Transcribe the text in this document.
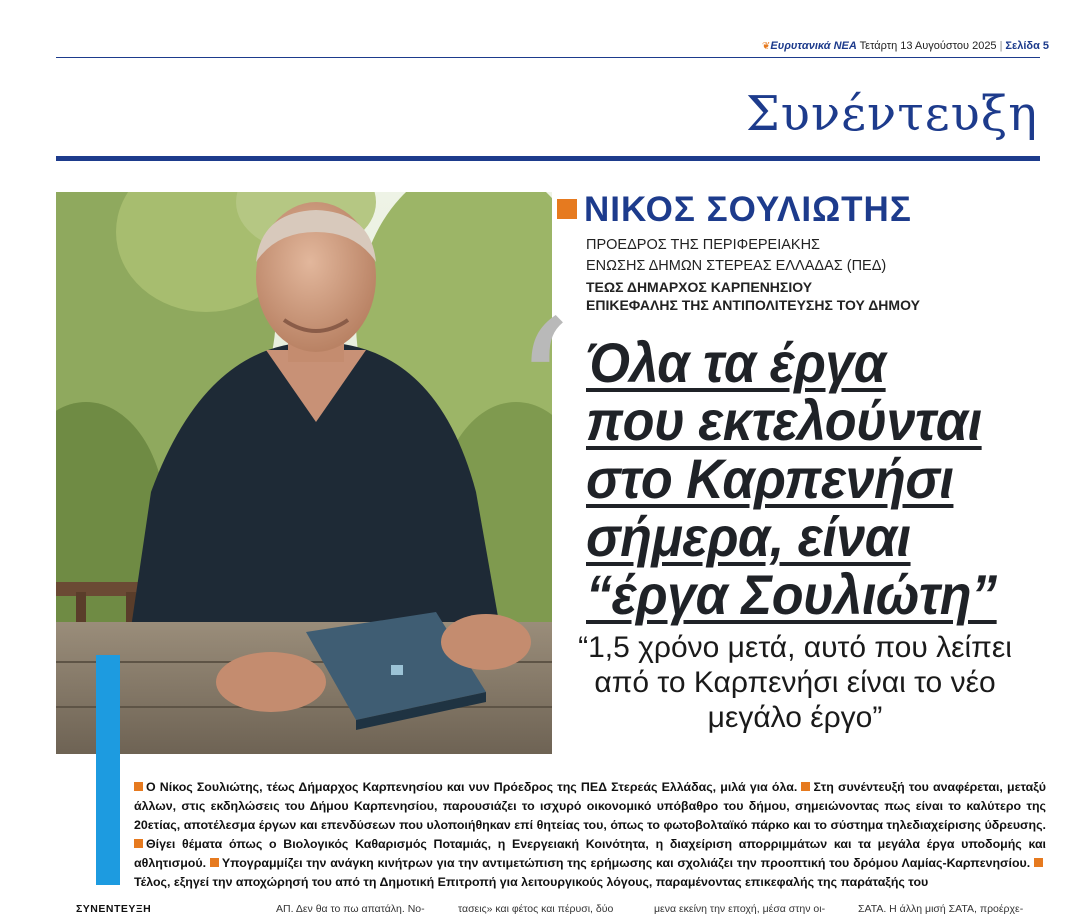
❦Ευρυτανικά ΝΕΑ Τετάρτη 13 Αυγούστου 2025 | Σελίδα 5
Συνέντευξη
ΝΙΚΟΣ ΣΟΥΛΙΩΤΗΣ
ΠΡΟΕΔΡΟΣ ΤΗΣ ΠΕΡΙΦΕΡΕΙΑΚΗΣ
ΕΝΩΣΗΣ ΔΗΜΩΝ ΣΤΕΡΕΑΣ ΕΛΛΑΔΑΣ (ΠΕΔ)
ΤΕΩΣ ΔΗΜΑΡΧΟΣ ΚΑΡΠΕΝΗΣΙΟΥ
ΕΠΙΚΕΦΑΛΗΣ ΤΗΣ ΑΝΤΙΠΟΛΙΤΕΥΣΗΣ ΤΟΥ ΔΗΜΟΥ
‘ Όλα τα έργα
που εκτελούνται
στο Καρπενήσι
σήμερα, είναι
“έργα Σουλιώτη”
“1,5 χρόνο μετά, αυτό που λείπει από το Καρπενήσι είναι το νέο μεγάλο έργο”
Ο Νίκος Σουλιώτης, τέως Δήμαρχος Καρπενησίου και νυν Πρόεδρος της ΠΕΔ Στερεάς Ελλάδας, μιλά για όλα. Στη συνέντευξή του αναφέρεται, μεταξύ άλλων, στις εκδηλώσεις του Δήμου Καρπενησίου, παρουσιάζει το ισχυρό οικονομικό υπόβαθρο του δήμου, σημειώνοντας πως είναι το καλύτερο της 20ετίας, αποτέλεσμα έργων και επενδύσεων που υλοποιήθηκαν επί θητείας του, όπως το φωτοβολταϊκό πάρκο και το σύστημα τηλεδιαχείρισης ύδρευσης. Θίγει θέματα όπως ο Βιολογικός Καθαρισμός Ποταμιάς, η Ενεργειακή Κοινότητα, η διαχείριση απορριμμάτων και τα μεγάλα έργα υποδομής και αθλητισμού. Υπογραμμίζει την ανάγκη κινήτρων για την αντιμετώπιση της ερήμωσης και σχολιάζει την προοπτική του δρόμου Λαμίας-Καρπενησίου. Τέλος, εξηγεί την αποχώρησή του από τη Δημοτική Επιτροπή για λειτουργικούς λόγους, παραμένοντας επικεφαλής της παράταξής του
ΣΥΝΕΝΤΕΥΞΗ	ΑΠ. Δεν θα το πω απατάλη. Νο-	τασεις» και φέτος και πέρυσι, δύο	μενα εκείνη την εποχή, μέσα στην οι-	ΣΑΤΑ. Η άλλη μισή ΣΑΤΑ, προέρχε-
